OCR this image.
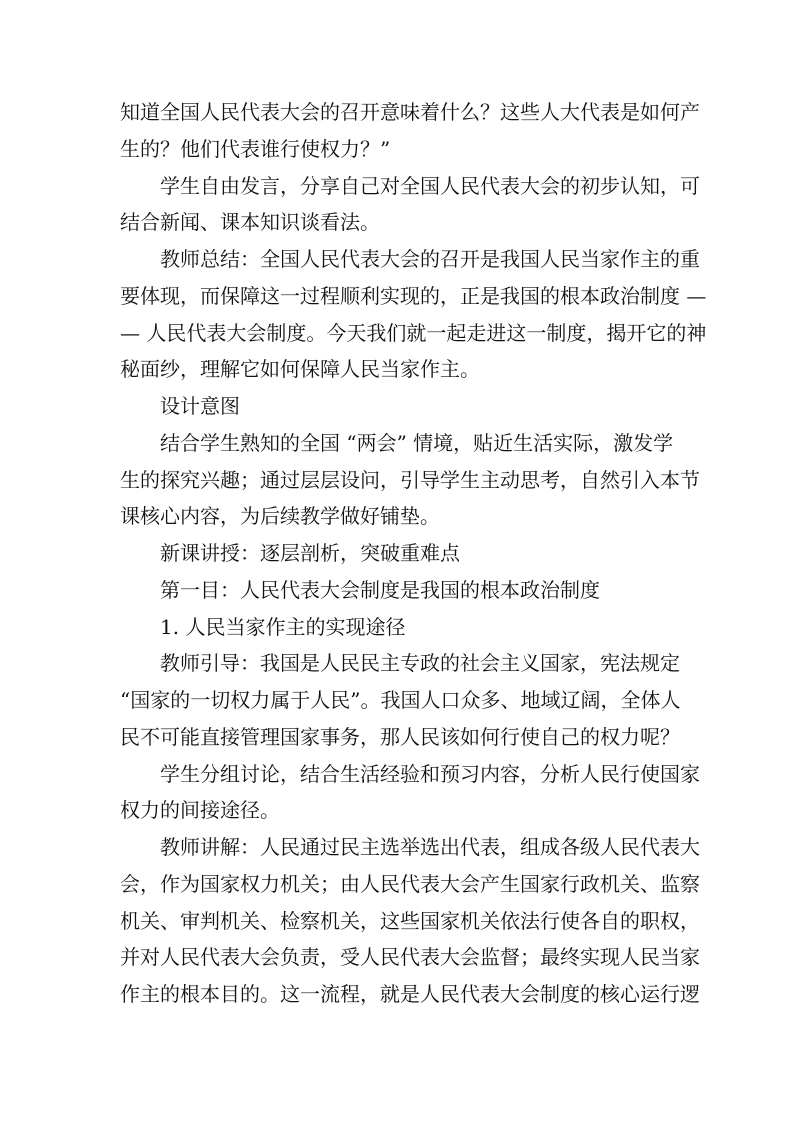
知道全国人民代表大会的召开意味着什么？这些人大代表是如何产
生的？他们代表谁行使权力？”
学生自由发言，分享自己对全国人民代表大会的初步认知，可
结合新闻、课本知识谈看法。
教师总结：全国人民代表大会的召开是我国人民当家作主的重
要体现，而保障这一过程顺利实现的，正是我国的根本政治制度 —
— 人民代表大会制度。今天我们就一起走进这一制度，揭开它的神
秘面纱，理解它如何保障人民当家作主。
设计意图
结合学生熟知的全国 “两会” 情境，贴近生活实际，激发学
生的探究兴趣；通过层层设问，引导学生主动思考，自然引入本节
课核心内容，为后续教学做好铺垫。
新课讲授：逐层剖析，突破重难点
第一目：人民代表大会制度是我国的根本政治制度
1. 人民当家作主的实现途径
教师引导：我国是人民民主专政的社会主义国家，宪法规定
“国家的一切权力属于人民”。我国人口众多、地域辽阔，全体人
民不可能直接管理国家事务，那人民该如何行使自己的权力呢？
学生分组讨论，结合生活经验和预习内容，分析人民行使国家
权力的间接途径。
教师讲解：人民通过民主选举选出代表，组成各级人民代表大
会，作为国家权力机关；由人民代表大会产生国家行政机关、监察
机关、审判机关、检察机关，这些国家机关依法行使各自的职权，
并对人民代表大会负责，受人民代表大会监督；最终实现人民当家
作主的根本目的。这一流程，就是人民代表大会制度的核心运行逻
